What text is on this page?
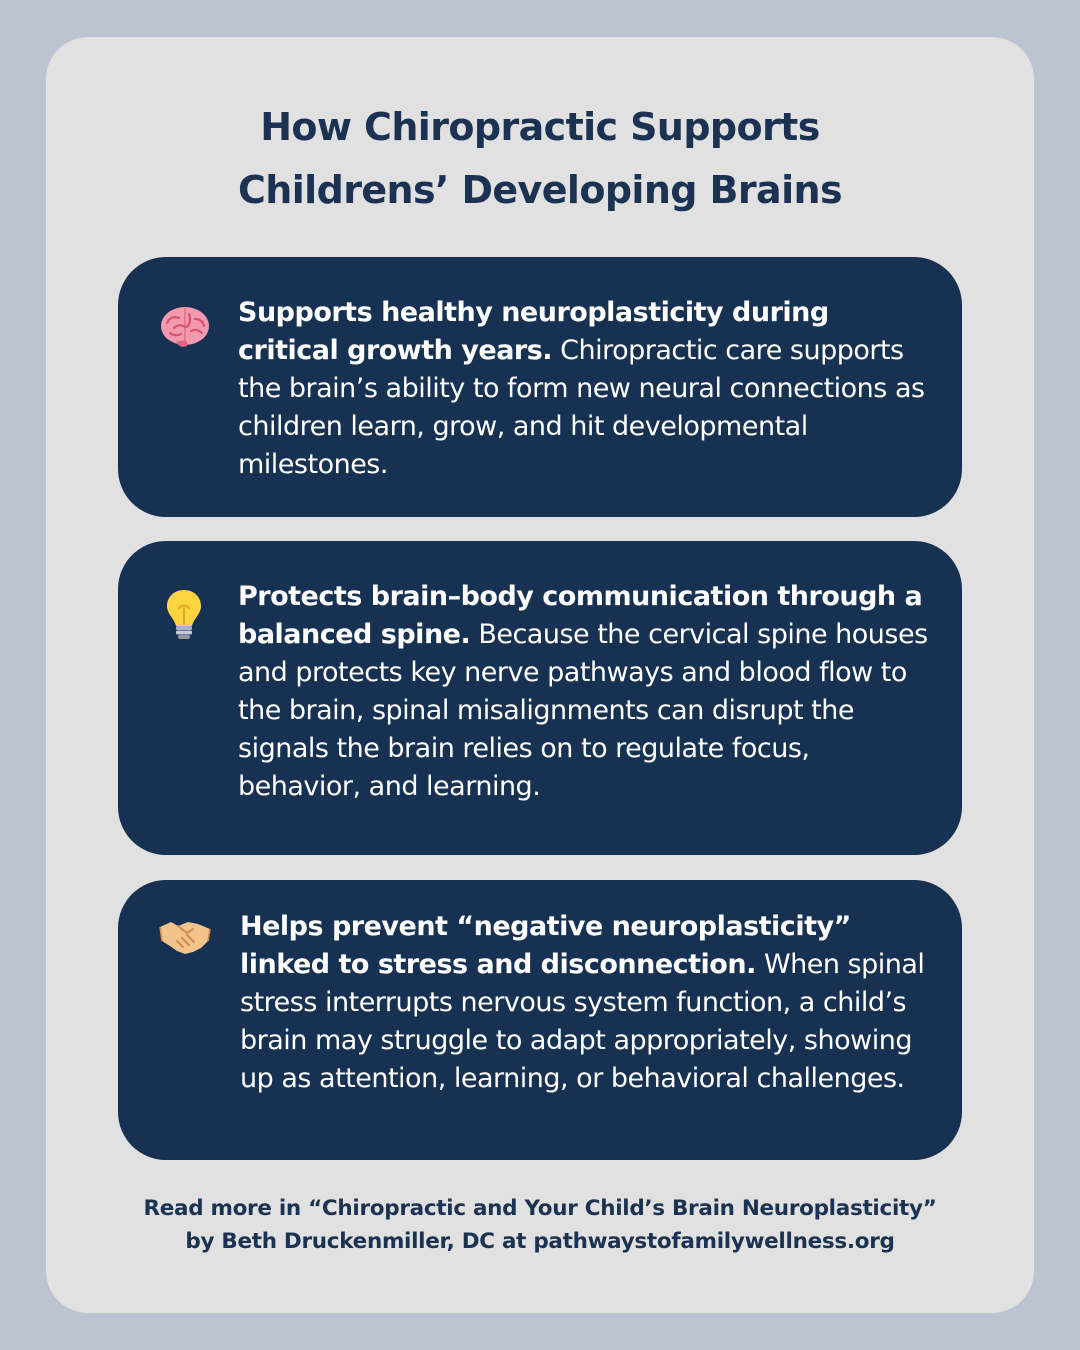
How Chiropractic Supports
Childrens’ Developing Brains
Supports healthy neuroplasticity during critical growth years. Chiropractic care supports the brain’s ability to form new neural connections as children learn, grow, and hit developmental milestones.
Protects brain–body communication through a balanced spine. Because the cervical spine houses and protects key nerve pathways and blood flow to the brain, spinal misalignments can disrupt the signals the brain relies on to regulate focus, behavior, and learning.
Helps prevent “negative neuroplasticity” linked to stress and disconnection. When spinal stress interrupts nervous system function, a child’s brain may struggle to adapt appropriately, showing up as attention, learning, or behavioral challenges.
Read more in “Chiropractic and Your Child’s Brain Neuroplasticity”
by Beth Druckenmiller, DC at pathwaystofamilywellness.org
